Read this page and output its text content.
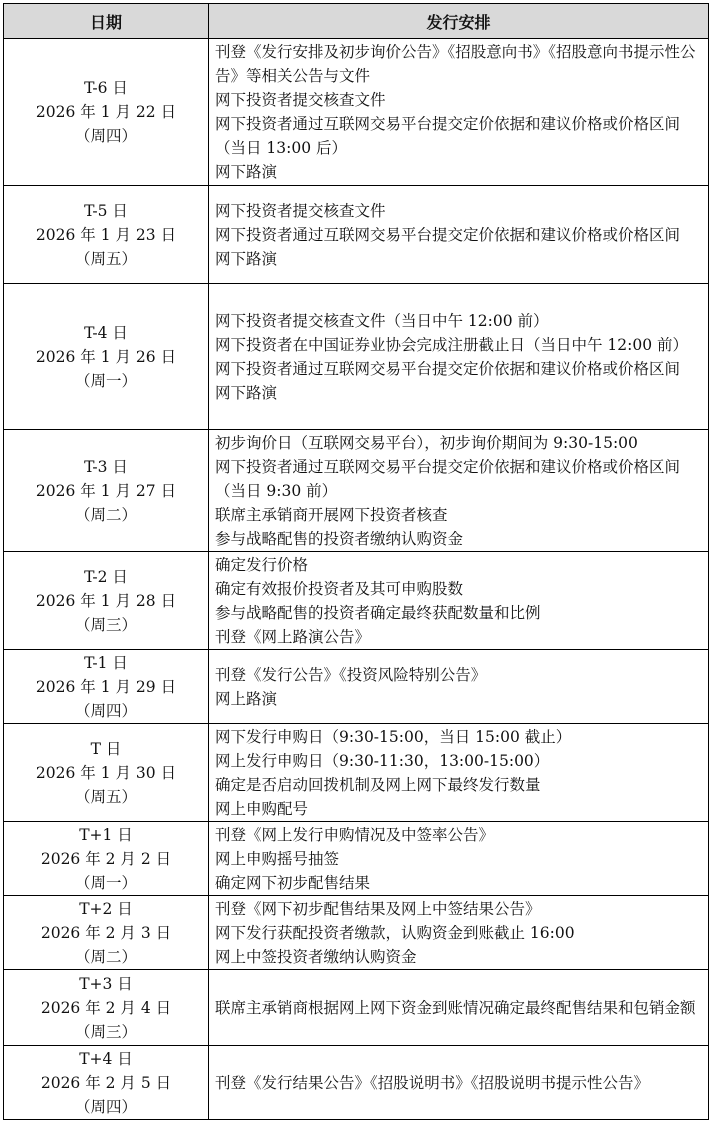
日期	发行安排

T-6 日
2026 年 1 月 22 日
（周四）	刊登《发行安排及初步询价公告》《招股意向书》《招股意向书提示性公告》等相关公告与文件
网下投资者提交核查文件
网下投资者通过互联网交易平台提交定价依据和建议价格或价格区间（当日 13:00 后）
网下路演

T-5 日
2026 年 1 月 23 日
（周五）	网下投资者提交核查文件
网下投资者通过互联网交易平台提交定价依据和建议价格或价格区间
网下路演

T-4 日
2026 年 1 月 26 日
（周一）	网下投资者提交核查文件（当日中午 12:00 前）
网下投资者在中国证券业协会完成注册截止日（当日中午 12:00 前）
网下投资者通过互联网交易平台提交定价依据和建议价格或价格区间
网下路演

T-3 日
2026 年 1 月 27 日
（周二）	初步询价日（互联网交易平台），初步询价期间为 9:30-15:00
网下投资者通过互联网交易平台提交定价依据和建议价格或价格区间（当日 9:30 前）
联席主承销商开展网下投资者核查
参与战略配售的投资者缴纳认购资金

T-2 日
2026 年 1 月 28 日
（周三）	确定发行价格
确定有效报价投资者及其可申购股数
参与战略配售的投资者确定最终获配数量和比例
刊登《网上路演公告》

T-1 日
2026 年 1 月 29 日
（周四）	刊登《发行公告》《投资风险特别公告》
网上路演

T 日
2026 年 1 月 30 日
（周五）	网下发行申购日（9:30-15:00，当日 15:00 截止）
网上发行申购日（9:30-11:30，13:00-15:00）
确定是否启动回拨机制及网上网下最终发行数量
网上申购配号

T+1 日
2026 年 2 月 2 日
（周一）	刊登《网上发行申购情况及中签率公告》
网上申购摇号抽签
确定网下初步配售结果

T+2 日
2026 年 2 月 3 日
（周二）	刊登《网下初步配售结果及网上中签结果公告》
网下发行获配投资者缴款，认购资金到账截止 16:00
网上中签投资者缴纳认购资金

T+3 日
2026 年 2 月 4 日
（周三）	联席主承销商根据网上网下资金到账情况确定最终配售结果和包销金额

T+4 日
2026 年 2 月 5 日
（周四）	刊登《发行结果公告》《招股说明书》《招股说明书提示性公告》
